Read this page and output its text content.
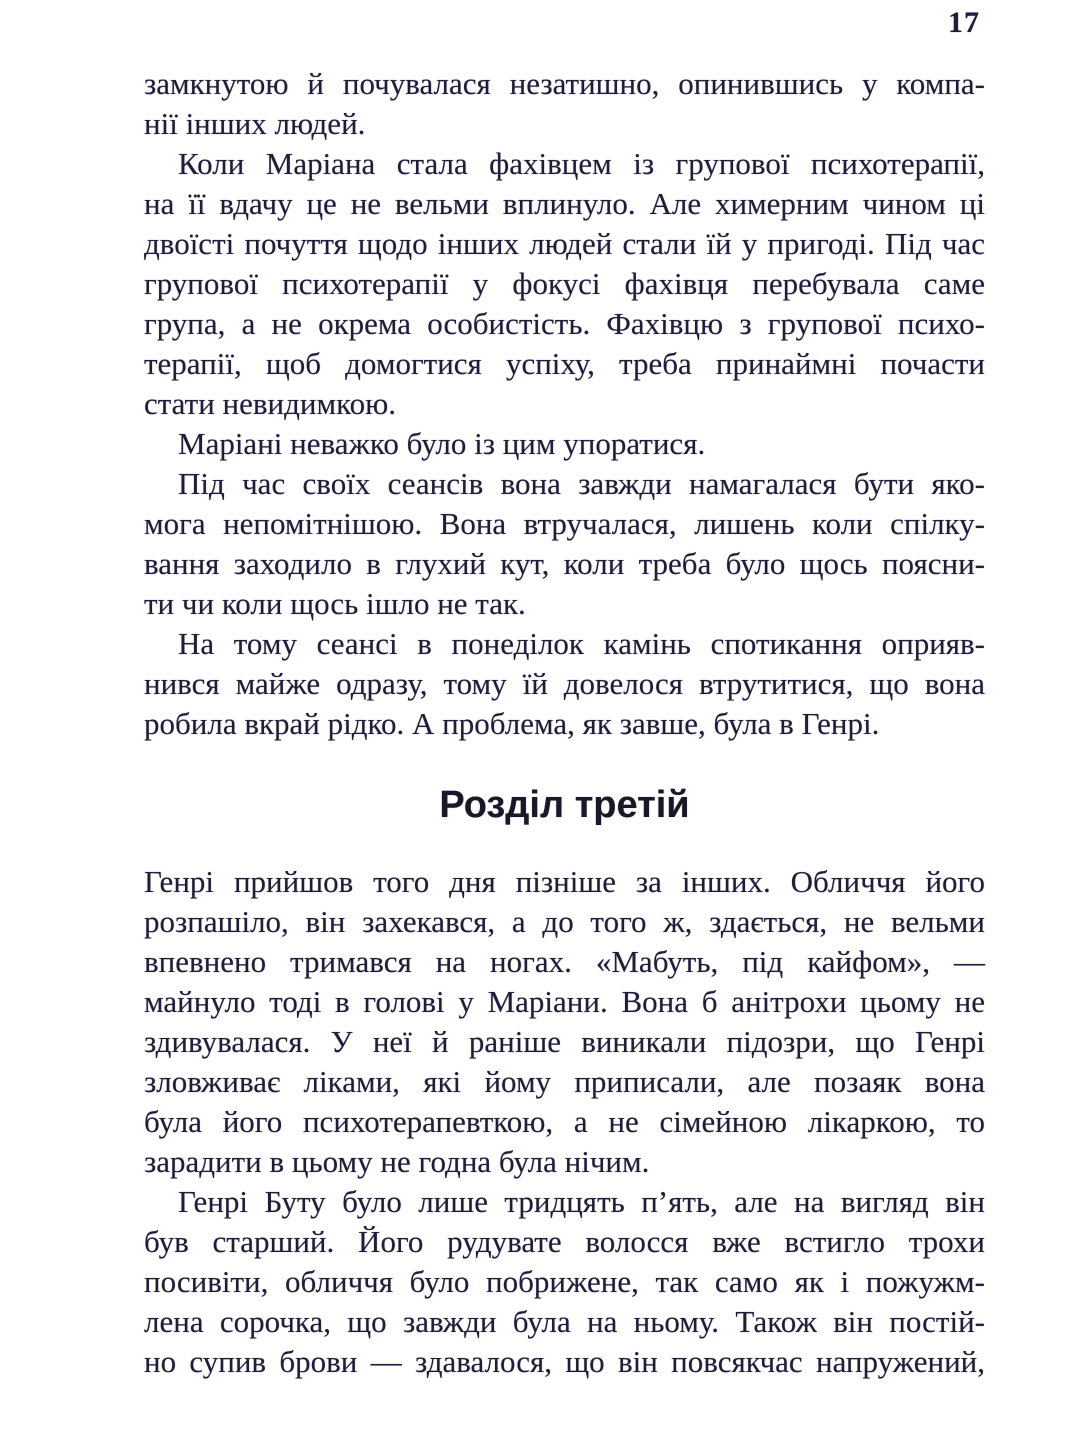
17
замкнутою й почувалася незатишно, опинившись у компа-
нії інших людей.
Коли Маріана стала фахівцем із групової психотерапії,
на її вдачу це не вельми вплинуло. Але химерним чином ці
двоїсті почуття щодо інших людей стали їй у пригоді. Під час
групової психотерапії у фокусі фахівця перебувала саме
група, а не окрема особистість. Фахівцю з групової психо-
терапії, щоб домогтися успіху, треба принаймні почасти
стати невидимкою.
Маріані неважко було із цим упоратися.
Під час своїх сеансів вона завжди намагалася бути яко-
мога непомітнішою. Вона втручалася, лишень коли спілку-
вання заходило в глухий кут, коли треба було щось поясни-
ти чи коли щось ішло не так.
На тому сеансі в понеділок камінь спотикання оприяв-
нився майже одразу, тому їй довелося втрутитися, що вона
робила вкрай рідко. А проблема, як завше, була в Генрі.
Розділ третій
Генрі прийшов того дня пізніше за інших. Обличчя його
розпашіло, він захекався, а до того ж, здається, не вельми
впевнено тримався на ногах. «Мабуть, під кайфом», —
майнуло тоді в голові у Маріани. Вона б анітрохи цьому не
здивувалася. У неї й раніше виникали підозри, що Генрі
зловживає ліками, які йому приписали, але позаяк вона
була його психотерапевткою, а не сімейною лікаркою, то
зарадити в цьому не годна була нічим.
Генрі Буту було лише тридцять п’ять, але на вигляд він
був старший. Його рудувате волосся вже встигло трохи
посивіти, обличчя було побрижене, так само як і пожужм-
лена сорочка, що завжди була на ньому. Також він постій-
но супив брови — здавалося, що він повсякчас напружений,
